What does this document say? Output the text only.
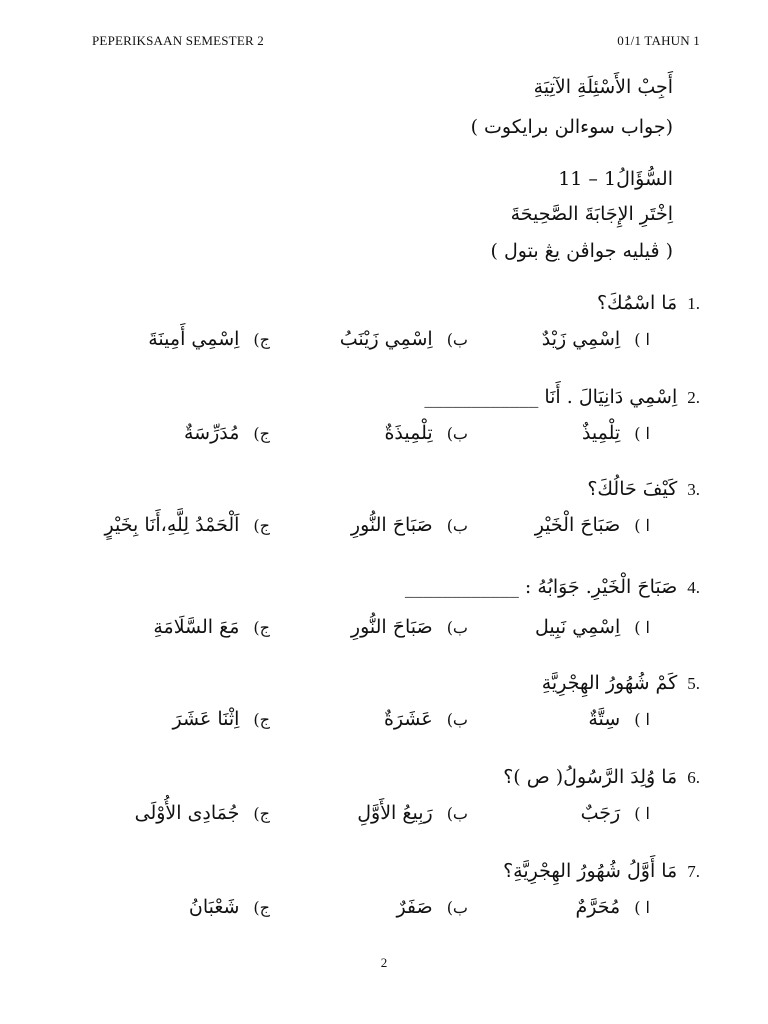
PEPERIKSAAN SEMESTER 2	01/1 TAHUN 1
أَجِبْ الأَسْئِلَةِ الآتِيَةِ
(جواب سوءالن برايكوت )
السُّؤَالُ1 – 11
اِخْتَرِ الإِجَابَةَ الصَّحِيحَةَ
( ڤيليه جواڤن يڠ بتول )
1.
مَا اسْمُكَ؟
ا )
اِسْمِي زَيْدٌ
ب)
اِسْمِي زَيْنَبُ
ج)
اِسْمِي أَمِينَةَ
2.
اِسْمِي دَانِيَالَ . أَنَا ____________
ا )
تِلْمِيذٌ
ب)
تِلْمِيذَةٌ
ج)
مُدَرِّسَةٌ
3.
كَيْفَ حَالُكَ؟
ا )
صَبَاحَ الْخَيْرِ
ب)
صَبَاحَ النُّورِ
ج)
اَلْحَمْدُ لِلَّهِ،أَنَا بِخَيْرٍ
4.
صَبَاحَ الْخَيْرِ. جَوَابُهُ : ____________
ا )
اِسْمِي نَبِيل
ب)
صَبَاحَ النُّورِ
ج)
مَعَ السَّلَامَةِ
5.
كَمْ شُهُورُ الهِجْرِيَّةِ
ا )
سِتَّةٌ
ب)
عَشَرَةٌ
ج)
اِثْنَا عَشَرَ
6.
مَا وُلِدَ الرَّسُولُ( ص )؟
ا )
رَجَبٌ
ب)
رَبِيعُ الأَوَّلِ
ج)
جُمَادِى الأُوْلَى
7.
مَا أَوَّلُ شُهُورُ الهِجْرِيَّةِ؟
ا )
مُحَرَّمٌ
ب)
صَفَرٌ
ج)
شَعْبَانُ
2
